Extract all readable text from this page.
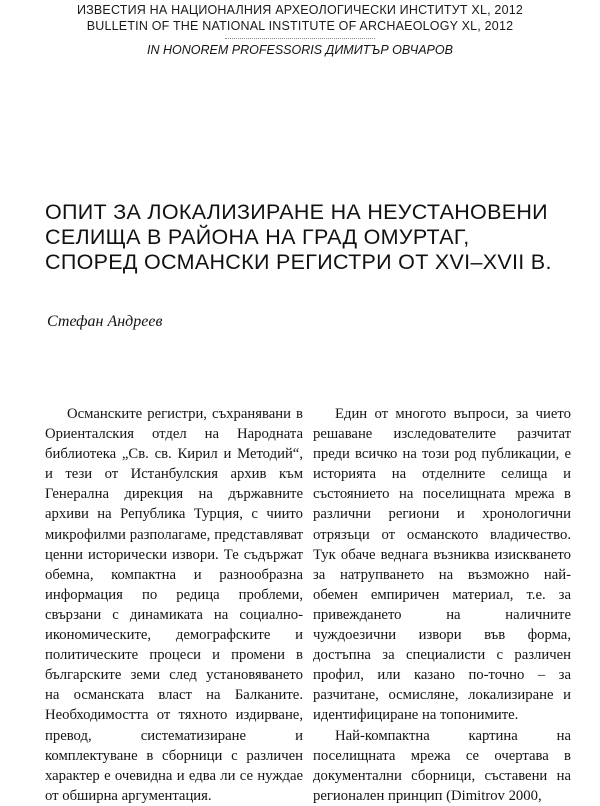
ИЗВЕСТИЯ НА НАЦИОНАЛНИЯ АРХЕОЛОГИЧЕСКИ ИНСТИТУТ XL, 2012
BULLETIN OF THE NATIONAL INSTITUTE OF ARCHAEOLOGY XL, 2012
IN HONOREM PROFESSORIS ДИМИТЪР ОВЧАРОВ
ОПИТ ЗА ЛОКАЛИЗИРАНЕ НА НЕУСТАНОВЕНИ
СЕЛИЩА В РАЙОНА НА ГРАД ОМУРТАГ,
СПОРЕД ОСМАНСКИ РЕГИСТРИ ОТ XVI–XVII В.
Стефан Андреев

Османските регистри, съхранявани в Ориенталския отдел на Народната библиотека „Св. св. Кирил и Методий“, и тези от Истанбулския архив към Генерална дирекция на държавните архиви на Република Турция, с чиито микрофилми разполагаме, представляват ценни исторически извори. Те съдържат обемна, компактна и разнообразна информация по редица проблеми, свързани с динамиката на социално-икономическите, демографските и политическите процеси и промени в българските земи след установяването на османската власт на Балканите. Необходимостта от тяхното издирване, превод, систематизиране и комплектуване в сборници с различен характер е очевидна и едва ли се нуждае от обширна аргументация.

Един от многото въпроси, за чието решаване изследователите разчитат преди всичко на този род публикации, е историята на отделните селища и състоянието на поселищната мрежа в различни региони и хронологични отрязъци от османското владичество. Тук обаче веднага възниква изискването за натрупването на възможно най-обемен емпиричен материал, т.е. за привеждането на наличните чуждоезични извори във форма, достъпна за специалисти с различен профил, или казано по-точно – за разчитане, осмисляне, локализиране и идентифициране на топонимите.

Най-компактна картина на поселищната мрежа се очертава в документални сборници, съставени на регионален принцип (Dimitrov 2000,
